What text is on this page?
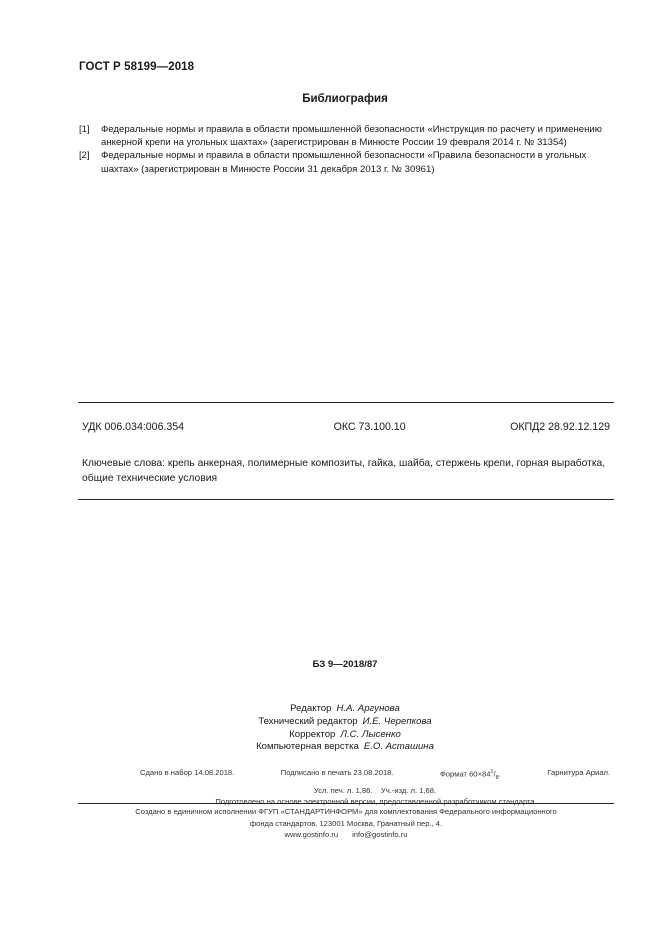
ГОСТ Р 58199—2018
Библиография
[1]	Федеральные нормы и правила в области промышленной безопасности «Инструкция по расчету и применению анкерной крепи на угольных шахтах» (зарегистрирован в Минюсте России 19 февраля 2014 г. № 31354)
[2]	Федеральные нормы и правила в области промышленной безопасности «Правила безопасности в угольных шахтах» (зарегистрирован в Минюсте России 31 декабря 2013 г. № 30961)
УДК 006.034:006.354	ОКС 73.100.10	ОКПД2 28.92.12.129
Ключевые слова: крепь анкерная, полимерные композиты, гайка, шайба, стержень крепи, горная выработка, общие технические условия
БЗ 9—2018/87
Редактор Н.А. Аргунова
Технический редактор И.Е. Черепкова
Корректор Л.С. Лысенко
Компьютерная верстка Е.О. Асташина
Сдано в набор 14.08.2018.	Подписано в печать 23.08.2018.	Формат $60\times 84^1/_8$.	Гарнитура Ариал.
Усл. печ. л. 1,86. Уч.-изд. л. 1,68.
Подготовлено на основе электронной версии, предоставленной разработчиком стандарта
Создано в единичном исполнении ФГУП «СТАНДАРТИНФОРМ» для комплектования Федерального информационного
фонда стандартов, 123001 Москва, Гранатный пер., 4.
www.gostinfo.ru info@gostinfo.ru
